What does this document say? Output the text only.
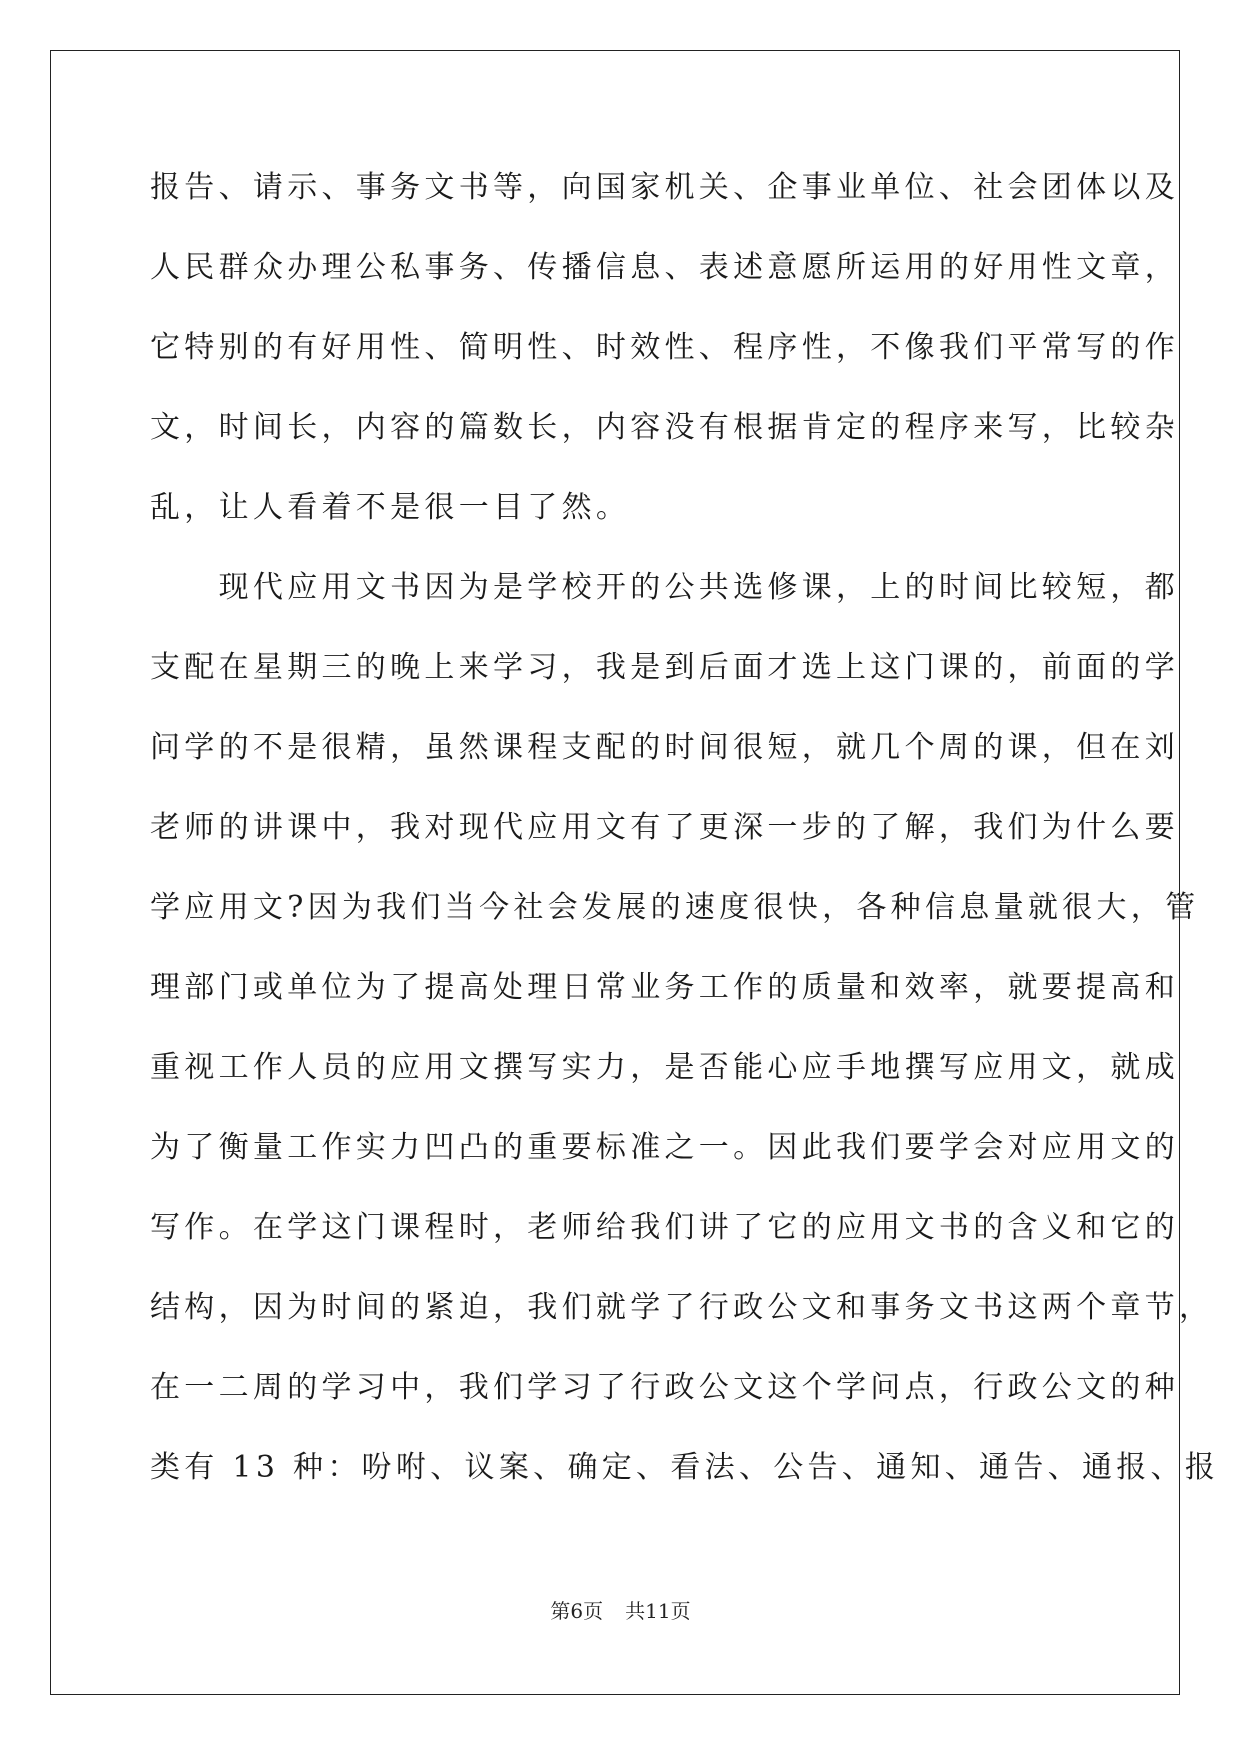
报告、请示、事务文书等，向国家机关、企事业单位、社会团体以及
人民群众办理公私事务、传播信息、表述意愿所运用的好用性文章，
它特别的有好用性、简明性、时效性、程序性，不像我们平常写的作
文，时间长，内容的篇数长，内容没有根据肯定的程序来写，比较杂
乱，让人看着不是很一目了然。
　　现代应用文书因为是学校开的公共选修课，上的时间比较短，都
支配在星期三的晚上来学习，我是到后面才选上这门课的，前面的学
问学的不是很精，虽然课程支配的时间很短，就几个周的课，但在刘
老师的讲课中，我对现代应用文有了更深一步的了解，我们为什么要
学应用文?因为我们当今社会发展的速度很快，各种信息量就很大，管
理部门或单位为了提高处理日常业务工作的质量和效率，就要提高和
重视工作人员的应用文撰写实力，是否能心应手地撰写应用文，就成
为了衡量工作实力凹凸的重要标准之一。因此我们要学会对应用文的
写作。在学这门课程时，老师给我们讲了它的应用文书的含义和它的
结构，因为时间的紧迫，我们就学了行政公文和事务文书这两个章节，
在一二周的学习中，我们学习了行政公文这个学问点，行政公文的种
类有 13 种：吩咐、议案、确定、看法、公告、通知、通告、通报、报
第6页 共11页
